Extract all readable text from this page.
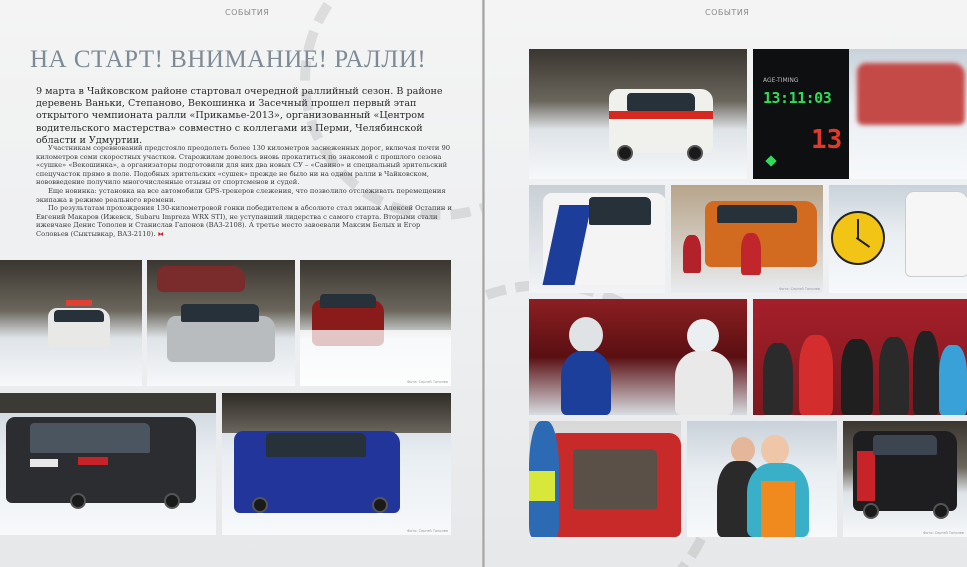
СОБЫТИЯ
НА СТАРТ! ВНИМАНИЕ! РАЛЛИ!

9 марта в Чайковском районе стартовал очередной раллийный сезон. В районе деревень Ваньки, Степаново, Векошинка и Засечный прошел первый этап открытого чемпионата ралли «Прикамье-2013», организованный «Центром водительского мастерства» совместно с коллегами из Перми, Челябинской области и Удмуртии.

Участникам соревнований предстояло преодолеть более 130 километров заснеженных дорог, включая почти 90 километров семи скоростных участков. Старожилам довелось вновь прокатиться по знакомой с прошлого сезона «сушке» «Векошинка», а организаторы подготовили для них два новых СУ – «Савино» и специальный зрительский спецучасток прямо в поле. Подобных зрительских «сушек» прежде не было ни на одном ралли в Чайковском, нововведение получило многочисленные отзывы от спортсменов и судей.

Еще новинка: установка на все автомобили GPS-трекеров слежения, что позволило отслеживать перемещения экипажа в режиме реального времени.

По результатам прохождения 130-километровой гонки победителем в абсолюте стал экипаж Алексей Остапин и Евгений Макаров (Ижевск, Subaru Impreza WRX STI), не уступавший лидерства с самого старта. Вторыми стали ижевчане Денис Тополев и Станислав Гапонов (ВАЗ-2108). А третье место завоевали Максим Белых и Егор Соловьев (Сыктывкар, ВАЗ-2110). ⧓

Фото: Сергей Тополев
Фото: Сергей Тополев
СОБЫТИЯ
AGE-TIMING
13:11:03
13
Фото: Сергей Тополев
Фото: Сергей Тополев
